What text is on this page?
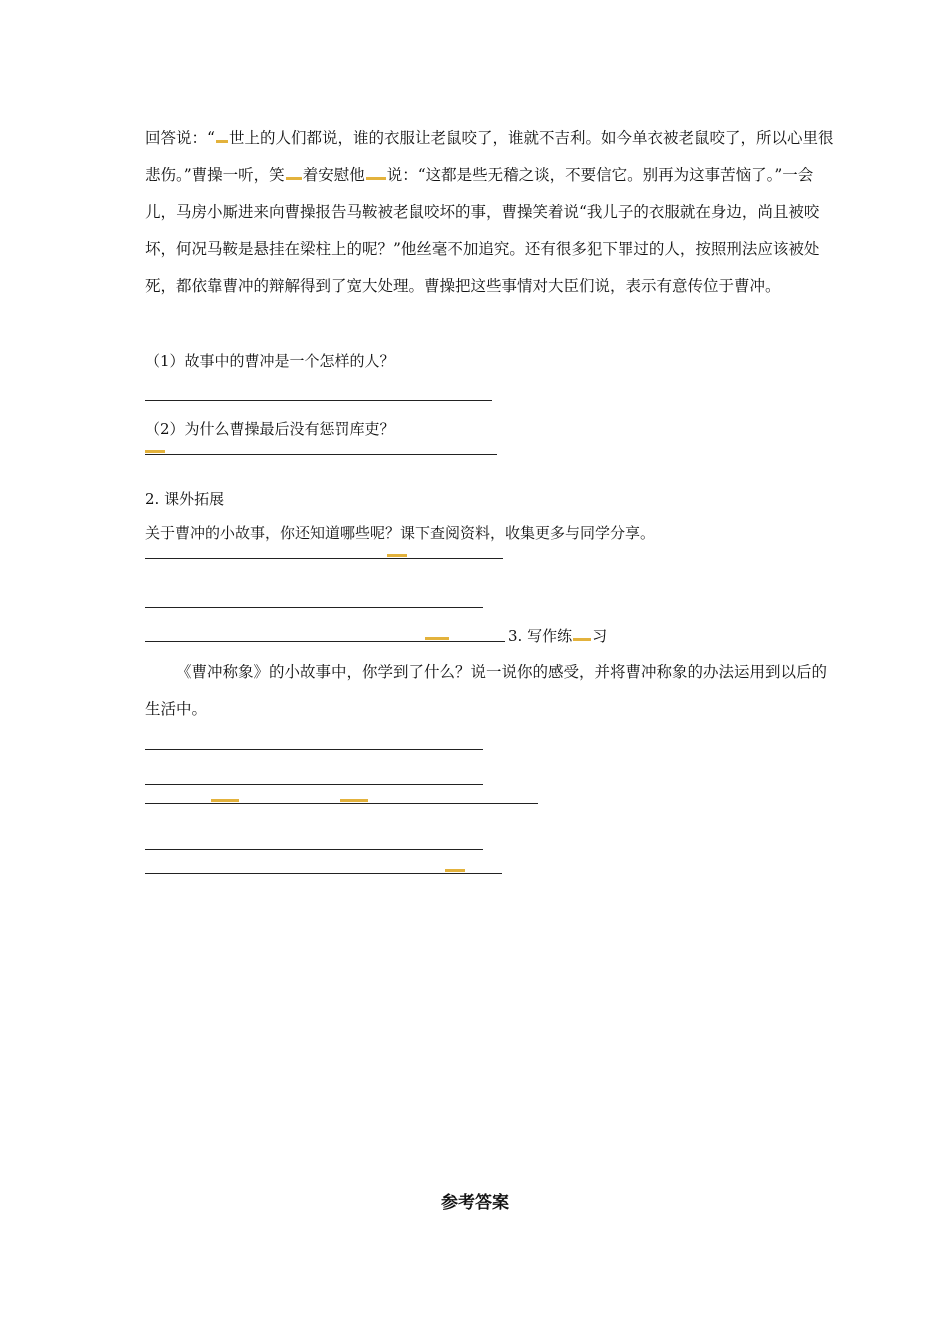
回答说：“ 世上的人们都说，谁的衣服让老鼠咬了，谁就不吉利。如今单衣被老鼠咬了，所以心里很悲伤。”曹操一听，笑 着安慰他 说：“这都是些无稽之谈，不要信它。别再为这事苦恼了。”一会儿，马房小厮进来向曹操报告马鞍被老鼠咬坏的事，曹操笑着说“我儿子的衣服就在身边，尚且被咬坏，何况马鞍是悬挂在梁柱上的呢？”他丝毫不加追究。还有很多犯下罪过的人，按照刑法应该被处死，都依靠曹冲的辩解得到了宽大处理。曹操把这些事情对大臣们说，表示有意传位于曹冲。

（1）故事中的曹冲是一个怎样的人？

（2）为什么曹操最后没有惩罚库吏？

2. 课外拓展

关于曹冲的小故事，你还知道哪些呢？课下查阅资料，收集更多与同学分享。

3. 写作练 习

《曹冲称象》的小故事中，你学到了什么？说一说你的感受，并将曹冲称象的办法运用到以后的生活中。

参考答案
